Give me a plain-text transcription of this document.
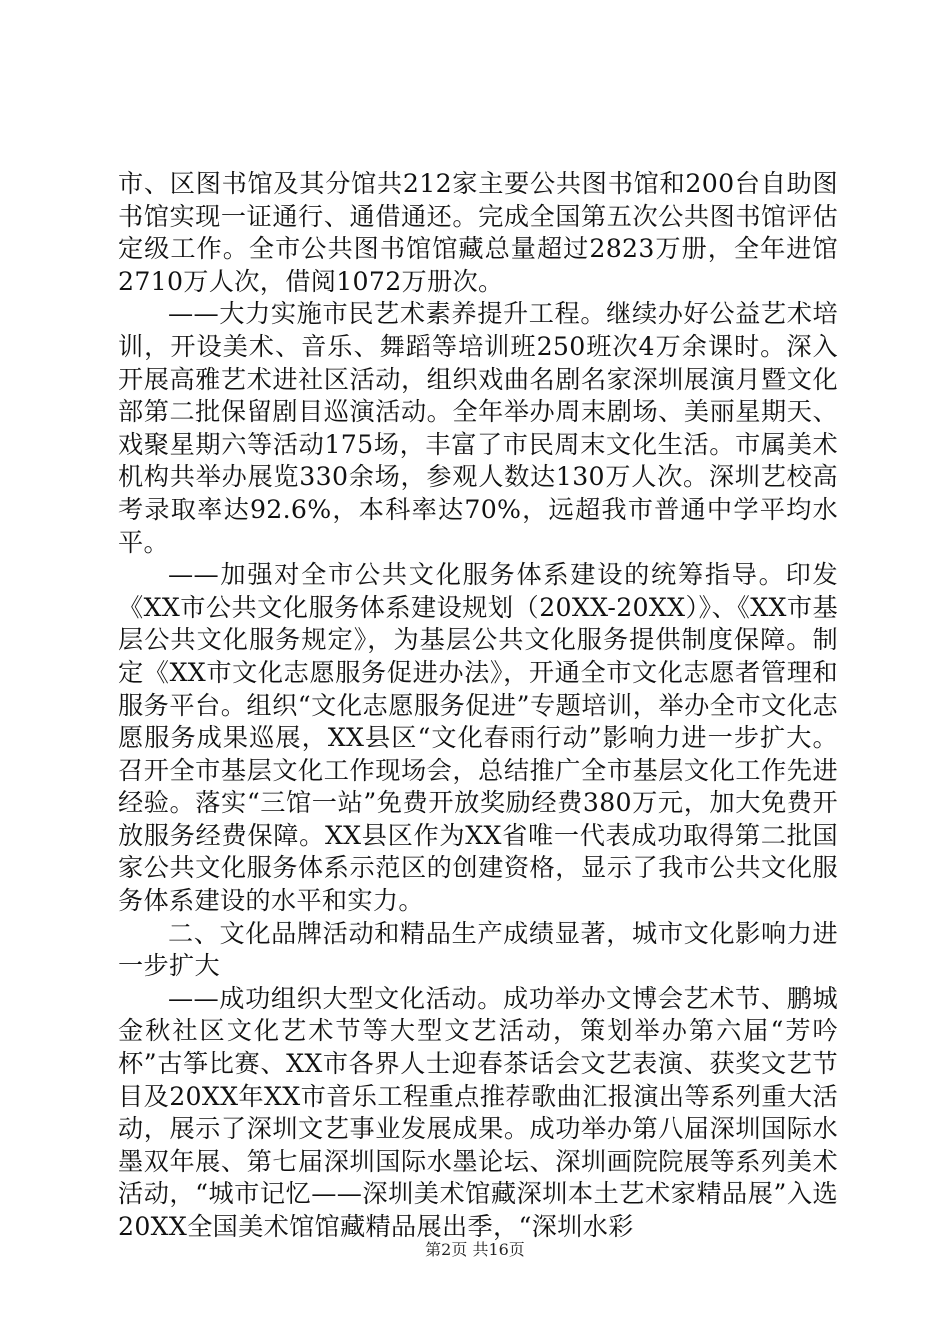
市、区图书馆及其分馆共212家主要公共图书馆和200台自助图书馆实现一证通行、通借通还。完成全国第五次公共图书馆评估定级工作。全市公共图书馆馆藏总量超过2823万册，全年进馆2710万人次，借阅1072万册次。

——大力实施市民艺术素养提升工程。继续办好公益艺术培训，开设美术、音乐、舞蹈等培训班250班次4万余课时。深入开展高雅艺术进社区活动，组织戏曲名剧名家深圳展演月暨文化部第二批保留剧目巡演活动。全年举办周末剧场、美丽星期天、戏聚星期六等活动175场，丰富了市民周末文化生活。市属美术机构共举办展览330余场，参观人数达130万人次。深圳艺校高考录取率达92.6%，本科率达70%，远超我市普通中学平均水平。

——加强对全市公共文化服务体系建设的统筹指导。印发《XX市公共文化服务体系建设规划（20XX-20XX）》、《XX市基层公共文化服务规定》，为基层公共文化服务提供制度保障。制定《XX市文化志愿服务促进办法》，开通全市文化志愿者管理和服务平台。组织“文化志愿服务促进”专题培训，举办全市文化志愿服务成果巡展，XX县区“文化春雨行动”影响力进一步扩大。召开全市基层文化工作现场会，总结推广全市基层文化工作先进经验。落实“三馆一站”免费开放奖励经费380万元，加大免费开放服务经费保障。XX县区作为XX省唯一代表成功取得第二批国家公共文化服务体系示范区的创建资格，显示了我市公共文化服务体系建设的水平和实力。

二、文化品牌活动和精品生产成绩显著，城市文化影响力进一步扩大

——成功组织大型文化活动。成功举办文博会艺术节、鹏城金秋社区文化艺术节等大型文艺活动，策划举办第六届“芳吟杯”古筝比赛、XX市各界人士迎春茶话会文艺表演、获奖文艺节目及20XX年XX市音乐工程重点推荐歌曲汇报演出等系列重大活动，展示了深圳文艺事业发展成果。成功举办第八届深圳国际水墨双年展、第七届深圳国际水墨论坛、深圳画院院展等系列美术活动，“城市记忆——深圳美术馆藏深圳本土艺术家精品展”入选20XX全国美术馆馆藏精品展出季，“深圳水彩

第2页 共16页
